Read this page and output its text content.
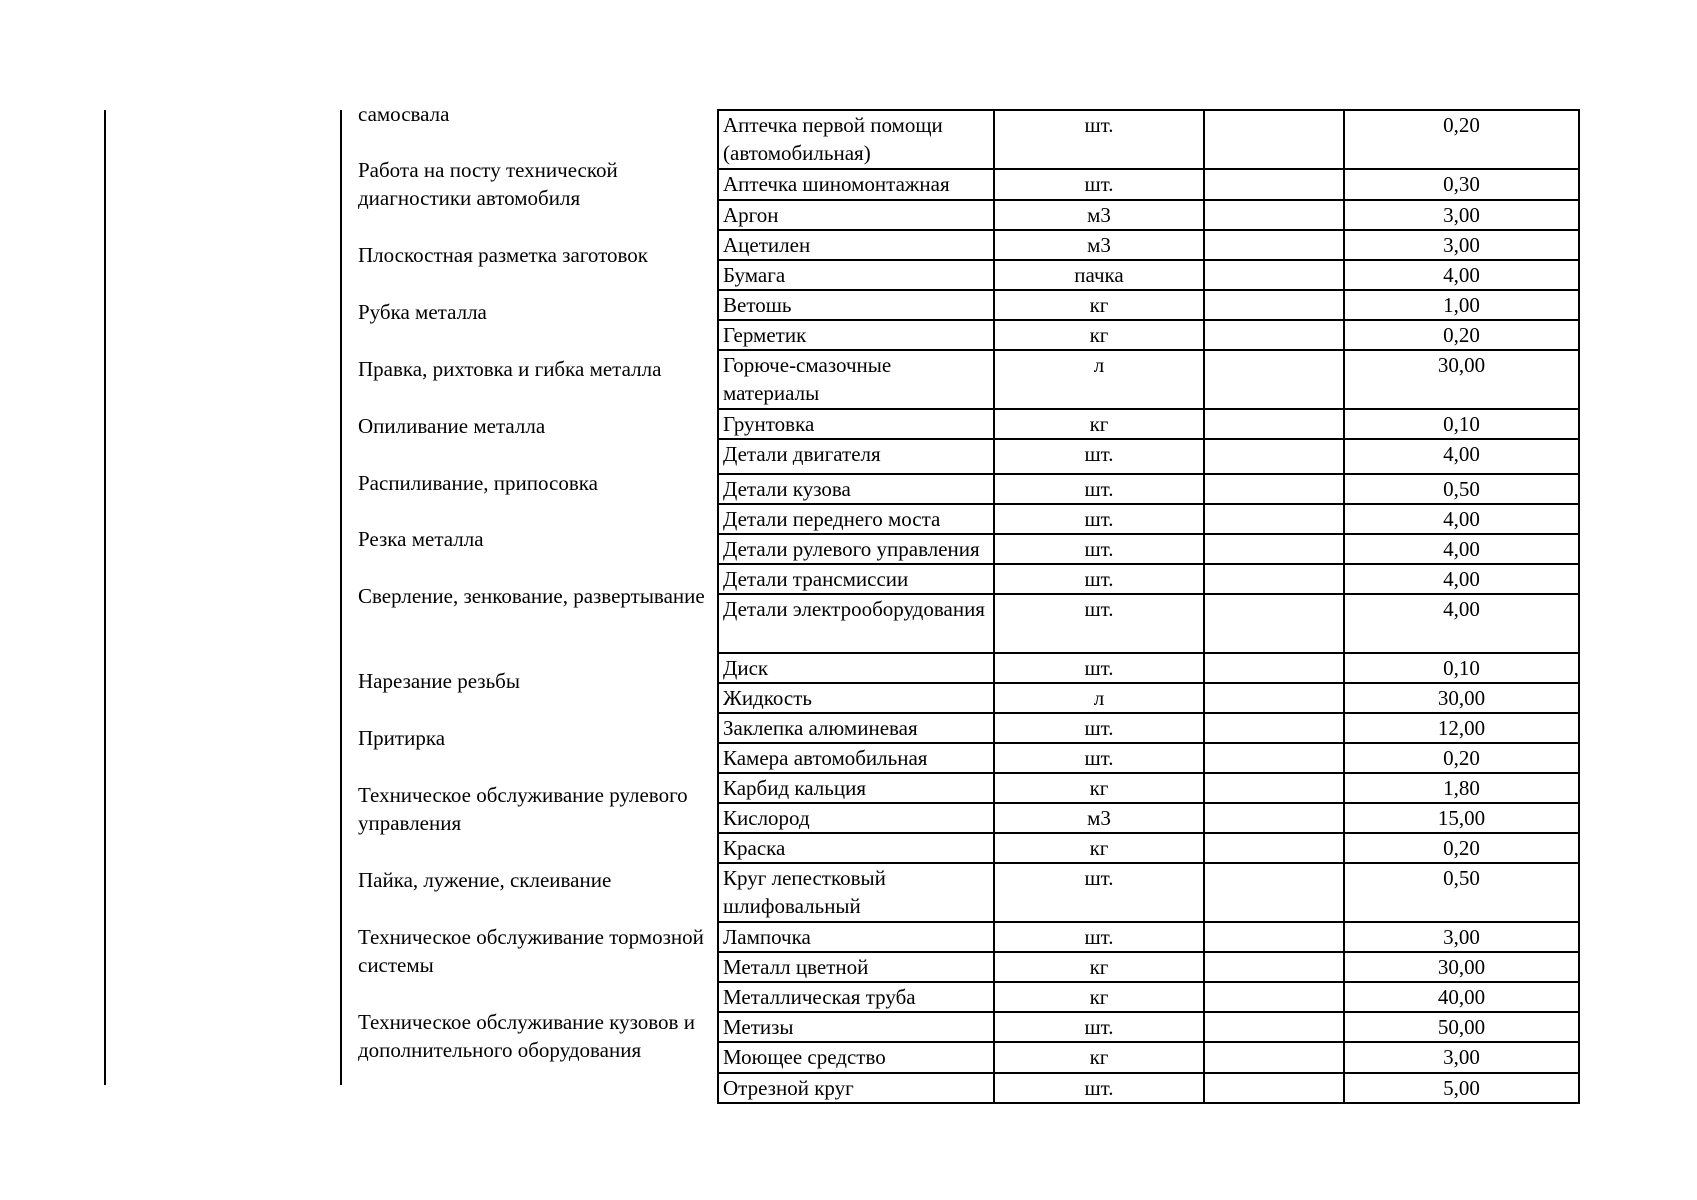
самосвала
Работа на посту технической диагностики автомобиля
Плоскостная разметка заготовок
Рубка металла
Правка, рихтовка и гибка металла
Опиливание металла
Распиливание, припосовка
Резка металла
Сверление, зенкование, развертывание
Нарезание резьбы
Притирка
Техническое обслуживание рулевого управления
Пайка, лужение, склеивание
Техническое обслуживание тормозной системы
Техническое обслуживание кузовов и дополнительного оборудования
Аптечка первой помощи (автомобильная)	шт.		0,20
Аптечка шиномонтажная	шт.		0,30
Аргон	м3		3,00
Ацетилен	м3		3,00
Бумага	пачка		4,00
Ветошь	кг		1,00
Герметик	кг		0,20
Горюче-смазочные материалы	л		30,00
Грунтовка	кг		0,10
Детали двигателя	шт.		4,00
Детали кузова	шт.		0,50
Детали переднего моста	шт.		4,00
Детали рулевого управления	шт.		4,00
Детали трансмиссии	шт.		4,00
Детали электрооборудования	шт.		4,00
Диск	шт.		0,10
Жидкость	л		30,00
Заклепка алюминевая	шт.		12,00
Камера автомобильная	шт.		0,20
Карбид кальция	кг		1,80
Кислород	м3		15,00
Краска	кг		0,20
Круг лепестковый шлифовальный	шт.		0,50
Лампочка	шт.		3,00
Металл цветной	кг		30,00
Металлическая труба	кг		40,00
Метизы	шт.		50,00
Моющее средство	кг		3,00
Отрезной круг	шт.		5,00
